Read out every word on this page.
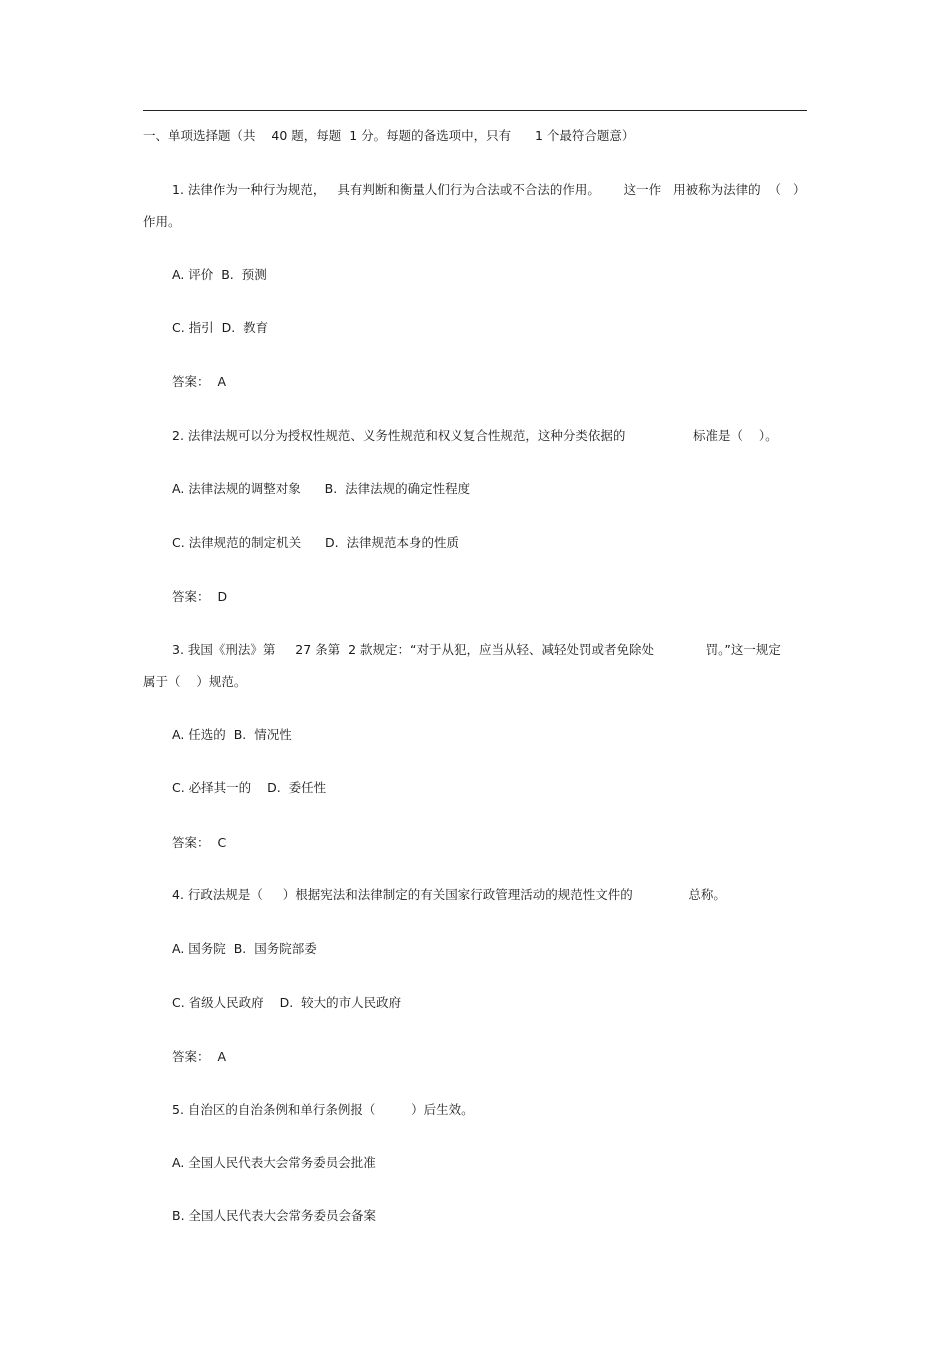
一、单项选择题（共    40 题，每题  1 分。每题的备选项中，只有      1 个最符合题意）
1. 法律作为一种行为规范，   具有判断和衡量人们行为合法或不合法的作用。      这一作   用被称为法律的  （   ）
作用。
A. 评价  B.  预测
C. 指引  D.  教育
答案：  A
2. 法律法规可以分为授权性规范、义务性规范和权义复合性规范，这种分类依据的                 标准是（    ）。
A. 法律法规的调整对象      B.  法律法规的确定性程度
C. 法律规范的制定机关      D.  法律规范本身的性质
答案：  D
3. 我国《刑法》第     27 条第  2 款规定：“对于从犯，应当从轻、减轻处罚或者免除处             罚。”这一规定
属于（    ）规范。
A. 任选的  B.  情况性
C. 必择其一的    D.  委任性
答案：  C
4. 行政法规是（     ）根据宪法和法律制定的有关国家行政管理活动的规范性文件的              总称。
A. 国务院  B.  国务院部委
C. 省级人民政府    D.  较大的市人民政府
答案：  A
5. 自治区的自治条例和单行条例报（         ）后生效。
A. 全国人民代表大会常务委员会批准
B. 全国人民代表大会常务委员会备案
